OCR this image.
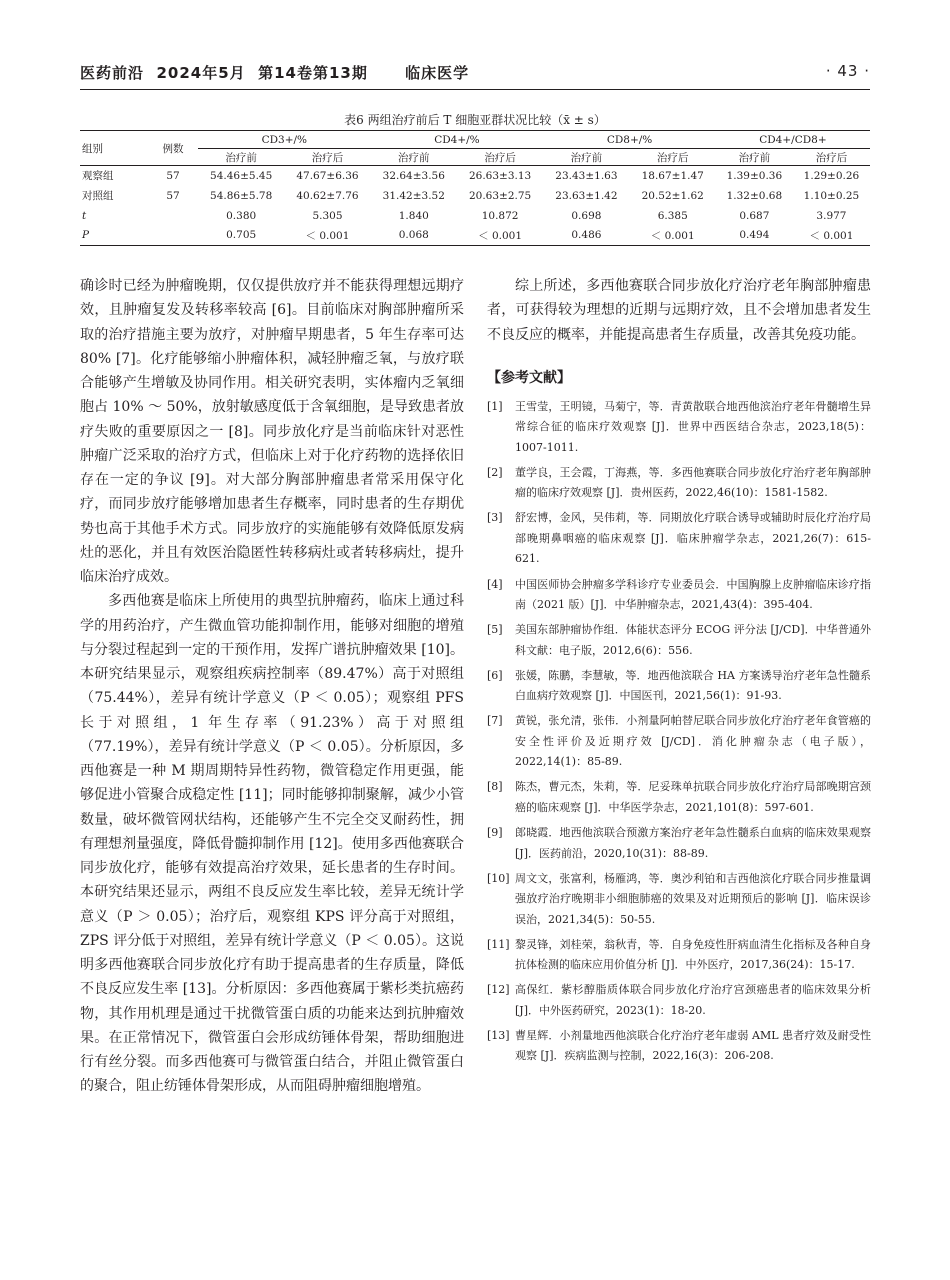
医药前沿  2024年5月  第14卷第13期      临床医学	· 43 ·
表6 两组治疗前后 T 细胞亚群状况比较（x̄ ± s）
组别	例数	CD3+/%		CD4+/%		CD8+/%		CD4+/CD8+	
		治疗前	治疗后	治疗前	治疗后	治疗前	治疗后	治疗前	治疗后
观察组	57	54.46±5.45	47.67±6.36	32.64±3.56	26.63±3.13	23.43±1.63	18.67±1.47	1.39±0.36	1.29±0.26
对照组	57	54.86±5.78	40.62±7.76	31.42±3.52	20.63±2.75	23.63±1.42	20.52±1.62	1.32±0.68	1.10±0.25
t		0.380	5.305	1.840	10.872	0.698	6.385	0.687	3.977
P		0.705	＜ 0.001	0.068	＜ 0.001	0.486	＜ 0.001	0.494	＜ 0.001

确诊时已经为肿瘤晚期，仅仅提供放疗并不能获得理想远期疗效，且肿瘤复发及转移率较高 [6]。目前临床对胸部肿瘤所采取的治疗措施主要为放疗，对肿瘤早期患者，5 年生存率可达 80% [7]。化疗能够缩小肿瘤体积，减轻肿瘤乏氧，与放疗联合能够产生增敏及协同作用。相关研究表明，实体瘤内乏氧细胞占 10% ～ 50%，放射敏感度低于含氧细胞，是导致患者放疗失败的重要原因之一 [8]。同步放化疗是当前临床针对恶性肿瘤广泛采取的治疗方式，但临床上对于化疗药物的选择依旧存在一定的争议 [9]。对大部分胸部肿瘤患者常采用保守化疗，而同步放疗能够增加患者生存概率，同时患者的生存期优势也高于其他手术方式。同步放疗的实施能够有效降低原发病灶的恶化，并且有效医治隐匿性转移病灶或者转移病灶，提升临床治疗成效。

多西他赛是临床上所使用的典型抗肿瘤药，临床上通过科学的用药治疗，产生微血管功能抑制作用，能够对细胞的增殖与分裂过程起到一定的干预作用，发挥广谱抗肿瘤效果 [10]。本研究结果显示，观察组疾病控制率（89.47%）高于对照组（75.44%），差异有统计学意义（P ＜ 0.05）；观察组 PFS 长于对照组，1 年生存率（91.23%）高于对照组（77.19%），差异有统计学意义（P ＜ 0.05）。分析原因，多西他赛是一种 M 期周期特异性药物，微管稳定作用更强，能够促进小管聚合成稳定性 [11]；同时能够抑制聚解，减少小管数量，破坏微管网状结构，还能够产生不完全交叉耐药性，拥有理想剂量强度，降低骨髓抑制作用 [12]。使用多西他赛联合同步放化疗，能够有效提高治疗效果，延长患者的生存时间。本研究结果还显示，两组不良反应发生率比较，差异无统计学意义（P ＞ 0.05）；治疗后，观察组 KPS 评分高于对照组，ZPS 评分低于对照组，差异有统计学意义（P ＜ 0.05）。这说明多西他赛联合同步放化疗有助于提高患者的生存质量，降低不良反应发生率 [13]。分析原因：多西他赛属于紫杉类抗癌药物，其作用机理是通过干扰微管蛋白质的功能来达到抗肿瘤效果。在正常情况下，微管蛋白会形成纺锤体骨架，帮助细胞进行有丝分裂。而多西他赛可与微管蛋白结合，并阻止微管蛋白的聚合，阻止纺锤体骨架形成，从而阻碍肿瘤细胞增殖。

综上所述，多西他赛联合同步放化疗治疗老年胸部肿瘤患者，可获得较为理想的近期与远期疗效，且不会增加患者发生不良反应的概率，并能提高患者生存质量，改善其免疫功能。

【参考文献】
[1]	王雪莹，王明镜，马菊宁，等．青黄散联合地西他滨治疗老年骨髓增生异常综合征的临床疗效观察 [J]．世界中西医结合杂志，2023,18(5)：1007-1011.
[2]	董学良，王会霞，丁海燕，等．多西他赛联合同步放化疗治疗老年胸部肿瘤的临床疗效观察 [J]．贵州医药，2022,46(10)：1581-1582.
[3]	舒宏博，金风，吴伟莉，等．同期放化疗联合诱导或辅助时辰化疗治疗局部晚期鼻咽癌的临床观察 [J]．临床肿瘤学杂志，2021,26(7)：615-621.
[4]	中国医师协会肿瘤多学科诊疗专业委员会．中国胸腺上皮肿瘤临床诊疗指南（2021 版）[J]．中华肿瘤杂志，2021,43(4)：395-404.
[5]	美国东部肿瘤协作组．体能状态评分 ECOG 评分法 [J/CD]．中华普通外科文献：电子版，2012,6(6)：556.
[6]	张媛，陈鹏，李慧敏，等．地西他滨联合 HA 方案诱导治疗老年急性髓系白血病疗效观察 [J]．中国医刊，2021,56(1)：91-93.
[7]	黄锐，张允清，张伟．小剂量阿帕替尼联合同步放化疗治疗老年食管癌的安全性评价及近期疗效 [J/CD]．消化肿瘤杂志（电子版），2022,14(1)：85-89.
[8]	陈杰，曹元杰，朱莉，等．尼妥珠单抗联合同步放化疗治疗局部晚期宫颈癌的临床观察 [J]．中华医学杂志，2021,101(8)：597-601.
[9]	郎晓霞．地西他滨联合预激方案治疗老年急性髓系白血病的临床效果观察 [J]．医药前沿，2020,10(31)：88-89.
[10] 周文文，张富利，杨雁鸿，等．奥沙利铂和吉西他滨化疗联合同步推量调强放疗治疗晚期非小细胞肺癌的效果及对近期预后的影响 [J]．临床误诊误治，2021,34(5)：50-55.
[11] 黎灵锋，刘桂荣，翁秋青，等．自身免疫性肝病血清生化指标及各种自身抗体检测的临床应用价值分析 [J]．中外医疗，2017,36(24)：15-17.
[12] 高保红．紫杉醇脂质体联合同步放化疗治疗宫颈癌患者的临床效果分析 [J]．中外医药研究，2023(1)：18-20.
[13] 曹星辉．小剂量地西他滨联合化疗治疗老年虚弱 AML 患者疗效及耐受性观察 [J]．疾病监测与控制，2022,16(3)：206-208.
